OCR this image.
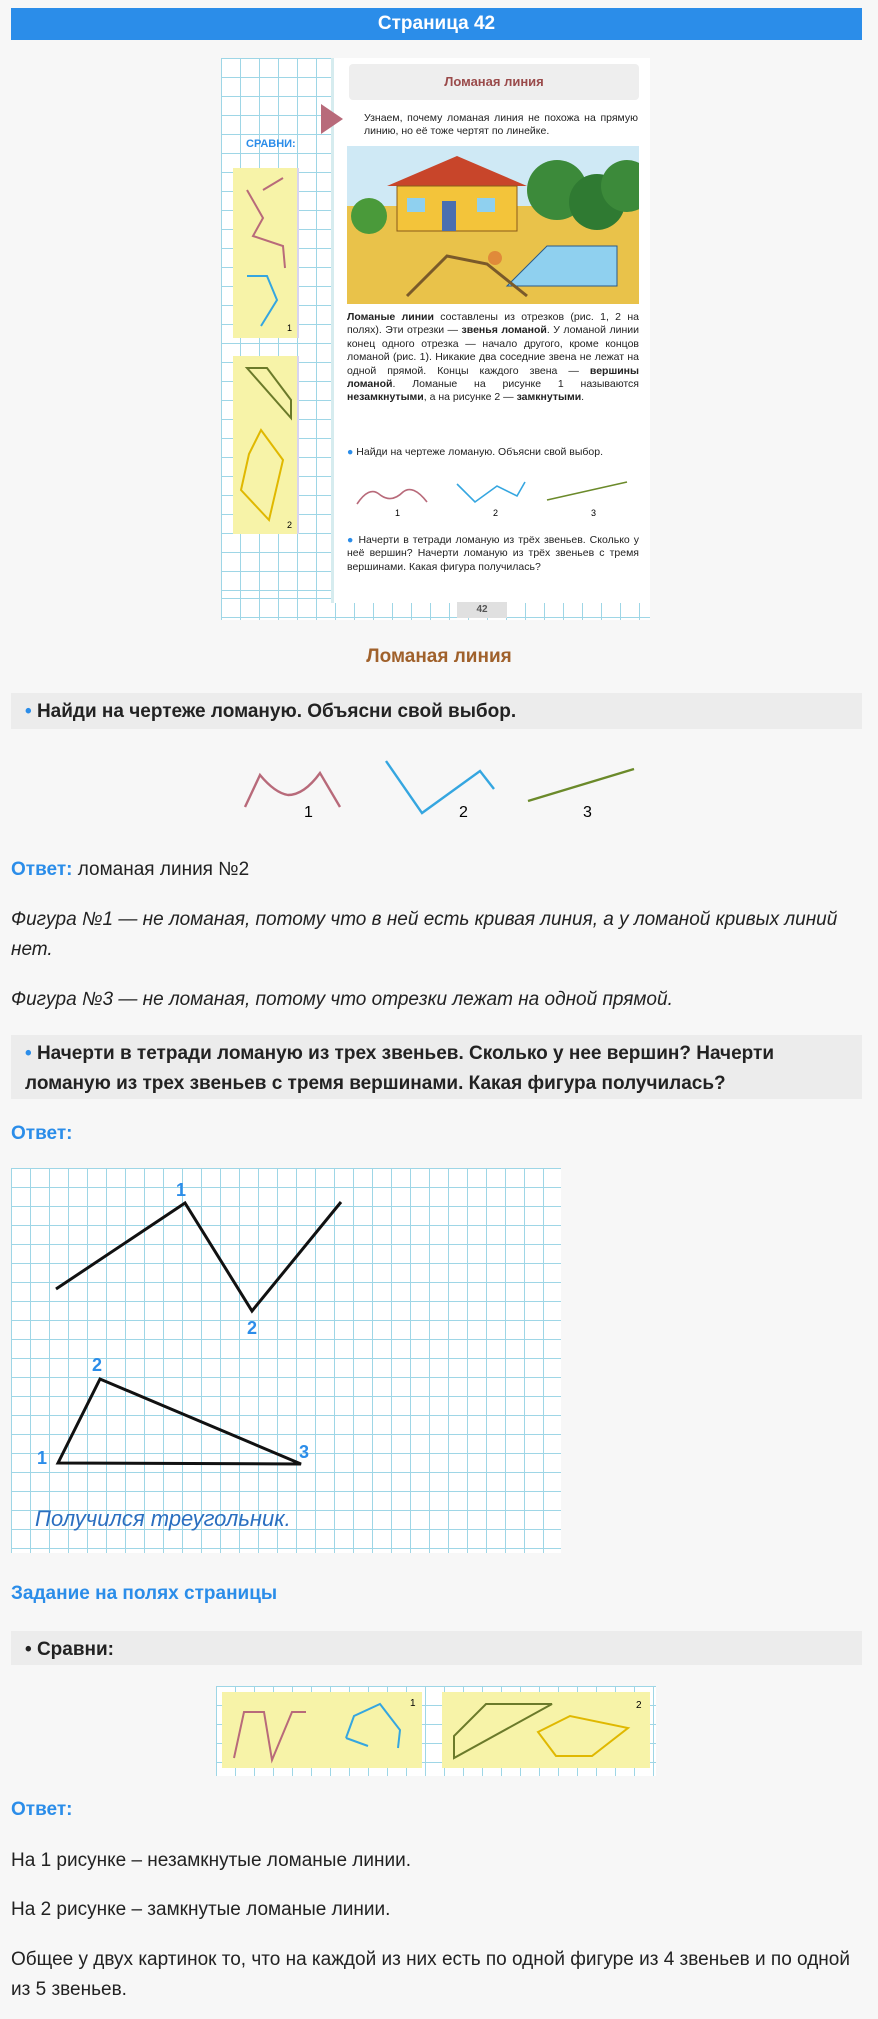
Страница 42
СРАВНИ:
1
2
Ломаная линия
Узнаем, почему ломаная линия не похожа на прямую линию, но её тоже чертят по линейке.
Ломаные линии составлены из отрезков (рис. 1, 2 на полях). Эти отрезки — звенья ломаной. У ломаной линии конец одного отрезка — начало другого, кроме концов ломаной (рис. 1). Никакие два соседние звена не лежат на одной прямой. Концы каждого звена — вершины ломаной. Ломаные на рисунке 1 называются незамкнутыми, а на рисунке 2 — замкнутыми.
● Найди на чертеже ломаную. Объясни свой выбор.
1	2	3
● Начерти в тетради ломаную из трёх звеньев. Сколько у неё вершин? Начерти ломаную из трёх звеньев с тремя вершинами. Какая фигура получилась?
42
Ломаная линия
• Найди на чертеже ломаную. Объясни свой выбор.
1	2	3
Ответ: ломаная линия №2
Фигура №1 — не ломаная, потому что в ней есть кривая линия, а у ломаной кривых линий нет.
Фигура №3 — не ломаная, потому что отрезки лежат на одной прямой.
• Начерти в тетради ломаную из трех звеньев. Сколько у нее вершин? Начерти ломаную из трех звеньев с тремя вершинами. Какая фигура получилась?
Ответ:
1
2
2
1	3
Получился треугольник.
Задание на полях страницы
• Сравни:
1	2
Ответ:
На 1 рисунке – незамкнутые ломаные линии.
На 2 рисунке – замкнутые ломаные линии.
Общее у двух картинок то, что на каждой из них есть по одной фигуре из 4 звеньев и по одной из 5 звеньев.
